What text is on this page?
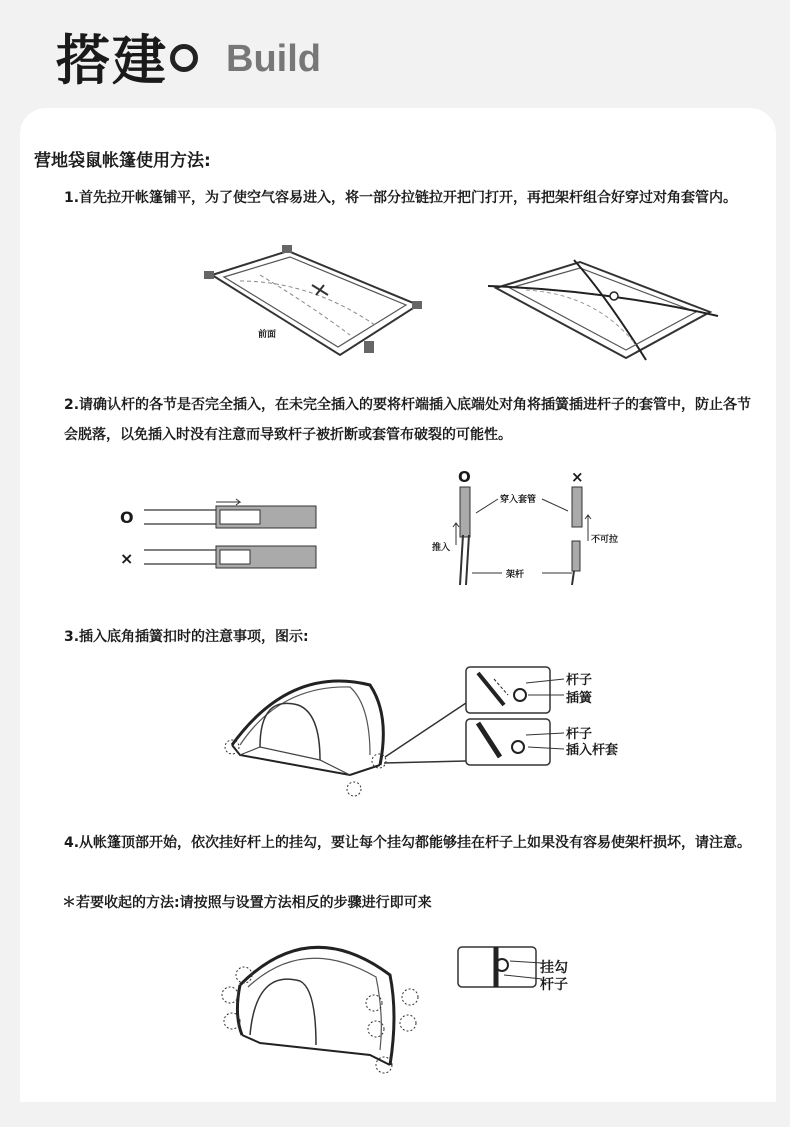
搭建 Build
营地袋鼠帐篷使用方法:
1.首先拉开帐篷铺平，为了使空气容易进入，将一部分拉链拉开把门打开，再把架杆组合好穿过对角套管内。
前面
2.请确认杆的各节是否完全插入，在未完全插入的要将杆端插入底端处对角将插簧插进杆子的套管中，防止各节会脱落，以免插入时没有注意而导致杆子被折断或套管布破裂的可能性。
O
×
O	×
穿入套管
推入
不可拉
架杆
3.插入底角插簧扣时的注意事项，图示:
杆子
插簧
杆子
插入杆套
4.从帐篷顶部开始，依次挂好杆上的挂勾，要让每个挂勾都能够挂在杆子上如果没有容易使架杆损坏，请注意。
＊若要收起的方法:请按照与设置方法相反的步骤进行即可来
挂勾
杆子
